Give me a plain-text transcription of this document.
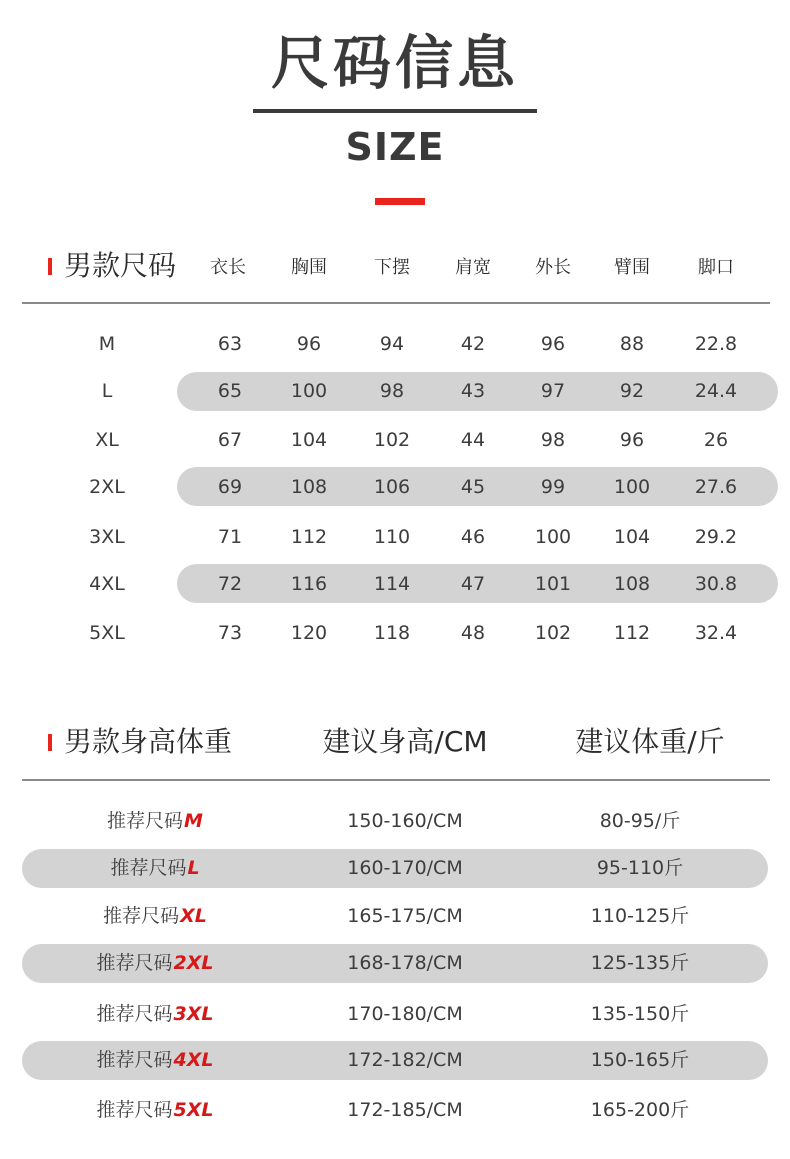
尺码信息
SIZE
男款尺码	衣长	胸围	下摆	肩宽	外长	臂围	脚口
M	63	96	94	42	96	88	22.8
L	65	100	98	43	97	92	24.4
XL	67	104	102	44	98	96	26
2XL	69	108	106	45	99	100	27.6
3XL	71	112	110	46	100	104	29.2
4XL	72	116	114	47	101	108	30.8
5XL	73	120	118	48	102	112	32.4
男款身高体重	建议身高/CM	建议体重/斤
推荐尺码M	150-160/CM	80-95/斤
推荐尺码L	160-170/CM	95-110斤
推荐尺码XL	165-175/CM	110-125斤
推荐尺码2XL	168-178/CM	125-135斤
推荐尺码3XL	170-180/CM	135-150斤
推荐尺码4XL	172-182/CM	150-165斤
推荐尺码5XL	172-185/CM	165-200斤
